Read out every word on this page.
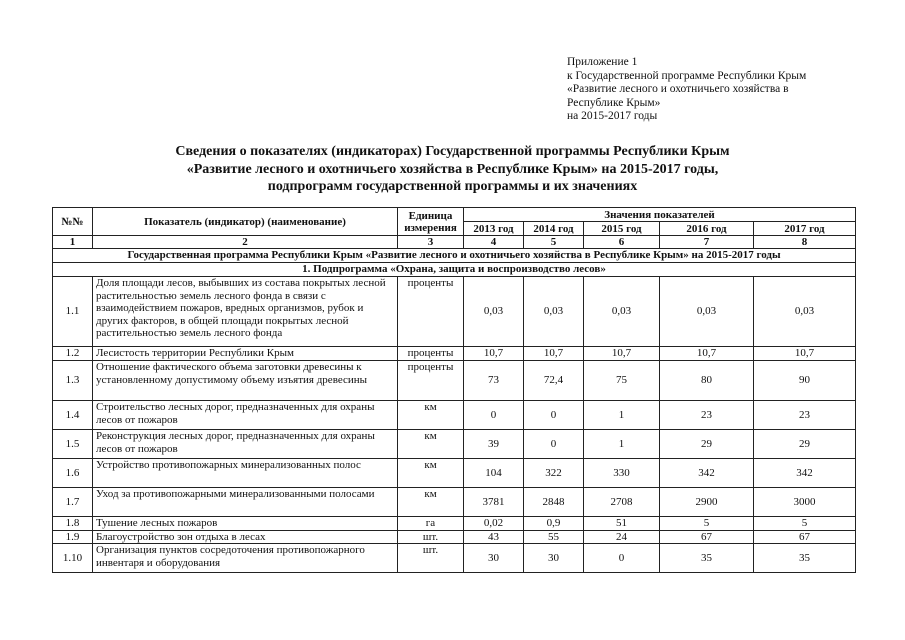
Приложение 1
к Государственной программе Республики Крым
«Развитие лесного и охотничьего хозяйства в
Республике Крым»
на 2015-2017 годы
Сведения о показателях (индикаторах) Государственной программы Республики Крым
«Развитие лесного и охотничьего хозяйства в Республике Крым» на 2015-2017 годы,
подпрограмм государственной программы и их значениях
№№	Показатель (индикатор) (наименование)	Единица измерения	Значения показателей				
			2013 год	2014 год	2015 год	2016 год	2017 год
1	2	3	4	5	6	7	8
Государственная программа Республики Крым «Развитие лесного и охотничьего хозяйства в Республике Крым» на 2015-2017 годы							
1. Подпрограмма «Охрана, защита и воспроизводство лесов»							
1.1	Доля площади лесов, выбывших из состава покрытых лесной растительностью земель лесного фонда в связи с взаимодействием пожаров, вредных организмов, рубок и других факторов, в общей площади покрытых лесной растительностью земель лесного фонда	проценты	0,03	0,03	0,03	0,03	0,03
1.2	Лесистость территории Республики Крым	проценты	10,7	10,7	10,7	10,7	10,7
1.3	Отношение фактического объема заготовки древесины к установленному допустимому объему изъятия древесины	проценты	73	72,4	75	80	90
1.4	Строительство лесных дорог, предназначенных для охраны лесов от пожаров	км	0	0	1	23	23
1.5	Реконструкция лесных дорог, предназначенных для охраны лесов от пожаров	км	39	0	1	29	29
1.6	Устройство противопожарных минерализованных полос	км	104	322	330	342	342
1.7	Уход за противопожарными минерализованными полосами	км	3781	2848	2708	2900	3000
1.8	Тушение лесных пожаров	га	0,02	0,9	51	5	5
1.9	Благоустройство зон отдыха в лесах	шт.	43	55	24	67	67
1.10	Организация пунктов сосредоточения противопожарного инвентаря и оборудования	шт.	30	30	0	35	35
